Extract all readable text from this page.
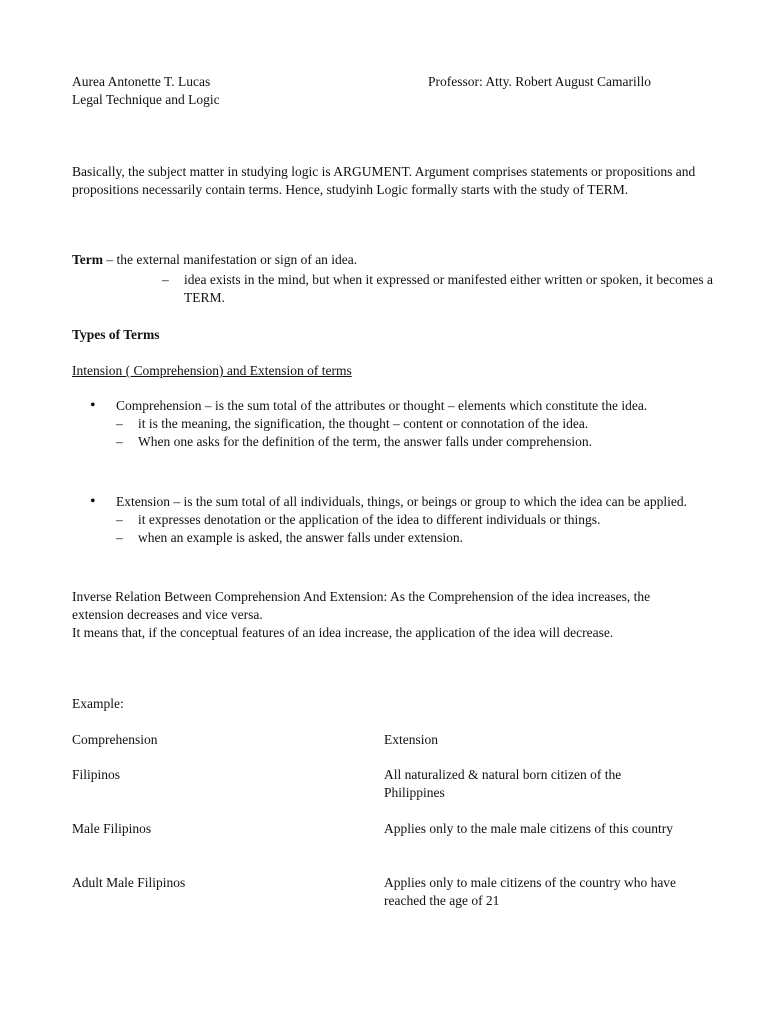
Aurea Antonette T. Lucas
Legal Technique and Logic
Professor: Atty. Robert August Camarillo
Basically, the subject matter in studying logic is ARGUMENT. Argument comprises statements or propositions and propositions necessarily contain terms. Hence, studyinh Logic formally starts with the study of TERM.
Term – the external manifestation or sign of an idea.
–	idea exists in the mind, but when it expressed or manifested either written or spoken, it becomes a TERM.
Types of Terms
Intension ( Comprehension) and Extension of terms
•	Comprehension – is the sum total of the attributes or thought – elements which constitute the idea.
–	it is the meaning, the signification, the thought – content or connotation of the idea.
–	When one asks for the definition of the term, the answer falls under comprehension.
•	Extension – is the sum total of all individuals, things, or beings or group to which the idea can be applied.
–	it expresses denotation or the application of the idea to different individuals or things.
–	when an example is asked, the answer falls under extension.
Inverse Relation Between Comprehension And Extension: As the Comprehension of the idea increases, the extension decreases and vice versa.
It means that, if the conceptual features of an idea increase, the application of the idea will decrease.
Example:
Comprehension	Extension
Filipinos	All naturalized & natural born citizen of the Philippines
Male Filipinos	Applies only to the male male citizens of this country
Adult Male Filipinos	Applies only to male citizens of the country who have reached the age of 21
